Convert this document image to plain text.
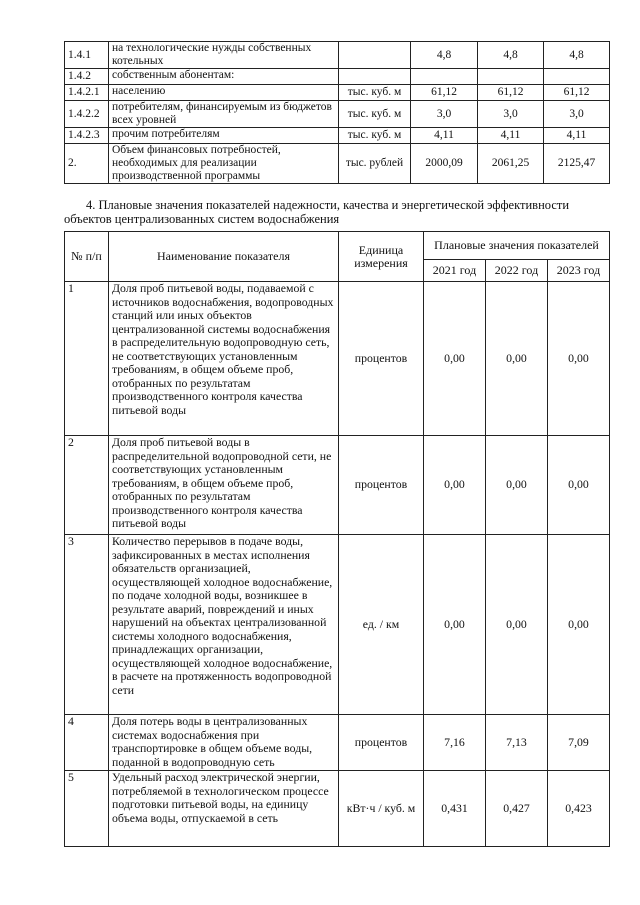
1.4.1	на технологические нужды собственных котельных		4,8	4,8	4,8
1.4.2	собственным абонентам:				
1.4.2.1	населению	тыс. куб. м	61,12	61,12	61,12
1.4.2.2	потребителям, финансируемым из бюджетов всех уровней	тыс. куб. м	3,0	3,0	3,0
1.4.2.3	прочим потребителям	тыс. куб. м	4,11	4,11	4,11
2.	Объем финансовых потребностей, необходимых для реализации производственной программы	тыс. рублей	2000,09	2061,25	2125,47
4. Плановые значения показателей надежности, качества и энергетической эффективности
объектов централизованных систем водоснабжения
№ п/п	Наименование показателя	Единица измерения	Плановые значения показателей		
			2021 год	2022 год	2023 год
1	Доля проб питьевой воды, подаваемой с источников водоснабжения, водопроводных станций или иных объектов централизованной системы водоснабжения в распределительную водопроводную сеть, не соответствующих установленным требованиям, в общем объеме проб, отобранных по результатам производственного контроля качества питьевой воды	процентов	0,00	0,00	0,00
2	Доля проб питьевой воды в распределительной водопроводной сети, не соответствующих установленным требованиям, в общем объеме проб, отобранных по результатам производственного контроля качества питьевой воды	процентов	0,00	0,00	0,00
3	Количество перерывов в подаче воды, зафиксированных в местах исполнения обязательств организацией, осуществляющей холодное водоснабжение, по подаче холодной воды, возникшее в результате аварий, повреждений и иных нарушений на объектах централизованной системы холодного водоснабжения, принадлежащих организации, осуществляющей холодное водоснабжение, в расчете на протяженность водопроводной сети	ед. / км	0,00	0,00	0,00
4	Доля потерь воды в централизованных системах водоснабжения при транспортировке в общем объеме воды, поданной в водопроводную сеть	процентов	7,16	7,13	7,09
5	Удельный расход электрической энергии, потребляемой в технологическом процессе подготовки питьевой воды, на единицу объема воды, отпускаемой в сеть	кВт·ч / куб. м	0,431	0,427	0,423
